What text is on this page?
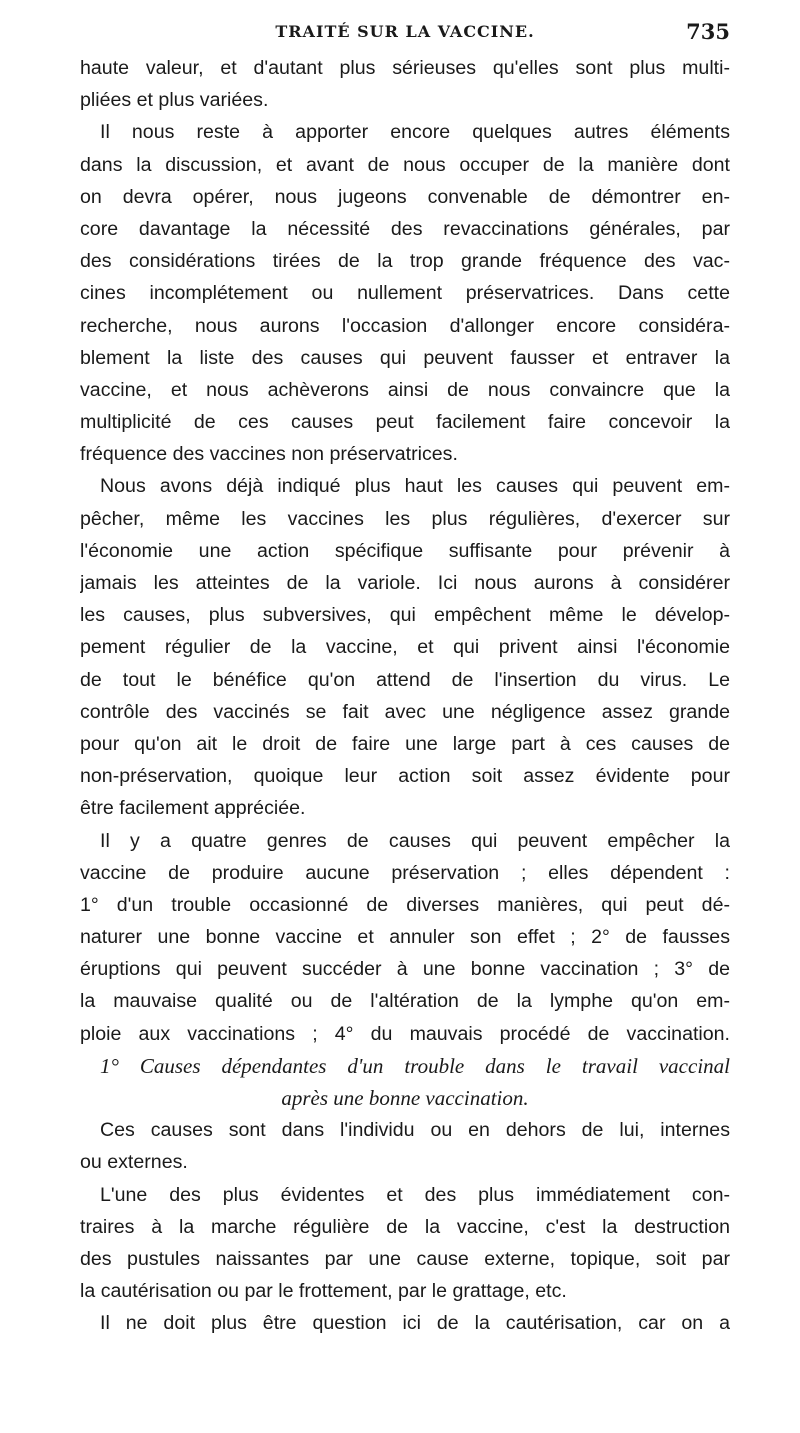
TRAITÉ SUR LA VACCINE.	735
haute valeur, et d'autant plus sérieuses qu'elles sont plus multi-
pliées et plus variées.
Il nous reste à apporter encore quelques autres éléments
dans la discussion, et avant de nous occuper de la manière dont
on devra opérer, nous jugeons convenable de démontrer en-
core davantage la nécessité des revaccinations générales, par
des considérations tirées de la trop grande fréquence des vac-
cines incomplétement ou nullement préservatrices. Dans cette
recherche, nous aurons l'occasion d'allonger encore considéra-
blement la liste des causes qui peuvent fausser et entraver la
vaccine, et nous achèverons ainsi de nous convaincre que la
multiplicité de ces causes peut facilement faire concevoir la
fréquence des vaccines non préservatrices.
Nous avons déjà indiqué plus haut les causes qui peuvent em-
pêcher, même les vaccines les plus régulières, d'exercer sur
l'économie une action spécifique suffisante pour prévenir à
jamais les atteintes de la variole. Ici nous aurons à considérer
les causes, plus subversives, qui empêchent même le dévelop-
pement régulier de la vaccine, et qui privent ainsi l'économie
de tout le bénéfice qu'on attend de l'insertion du virus. Le
contrôle des vaccinés se fait avec une négligence assez grande
pour qu'on ait le droit de faire une large part à ces causes de
non-préservation, quoique leur action soit assez évidente pour
être facilement appréciée.
Il y a quatre genres de causes qui peuvent empêcher la
vaccine de produire aucune préservation ; elles dépendent :
1° d'un trouble occasionné de diverses manières, qui peut dé-
naturer une bonne vaccine et annuler son effet ; 2° de fausses
éruptions qui peuvent succéder à une bonne vaccination ; 3° de
la mauvaise qualité ou de l'altération de la lymphe qu'on em-
ploie aux vaccinations ; 4° du mauvais procédé de vaccination.
1° Causes dépendantes d'un trouble dans le travail vaccinal
après une bonne vaccination.
Ces causes sont dans l'individu ou en dehors de lui, internes
ou externes.
L'une des plus évidentes et des plus immédiatement con-
traires à la marche régulière de la vaccine, c'est la destruction
des pustules naissantes par une cause externe, topique, soit par
la cautérisation ou par le frottement, par le grattage, etc.
Il ne doit plus être question ici de la cautérisation, car on a
